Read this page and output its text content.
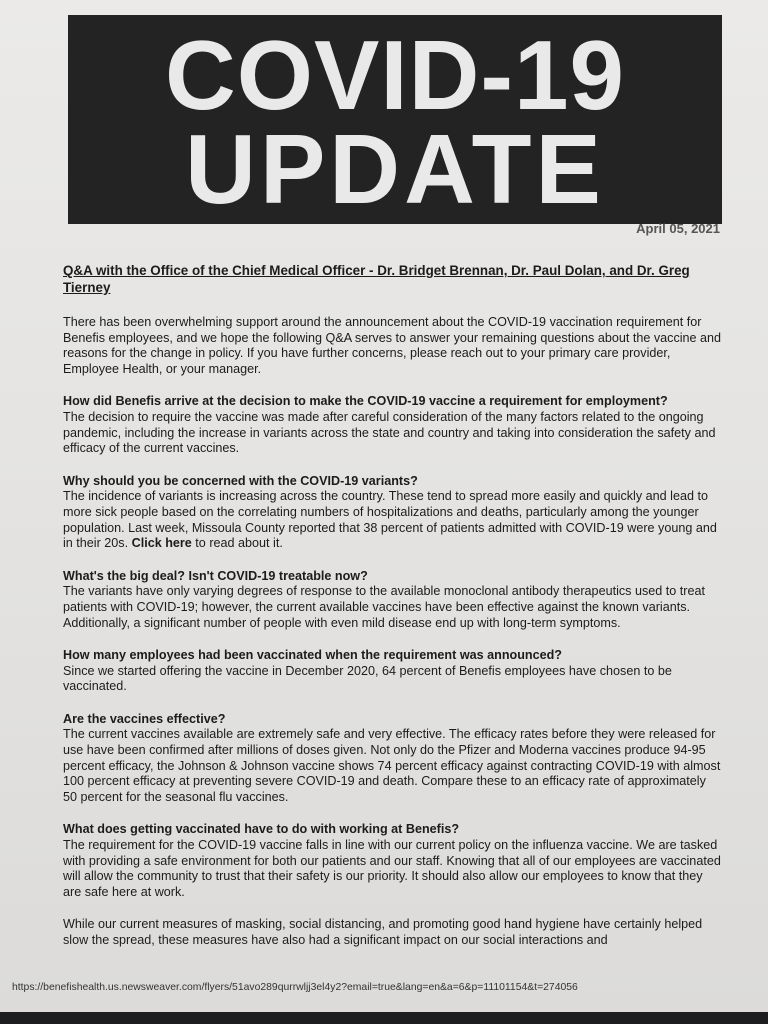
COVID-19
UPDATE
April 05, 2021
Q&A with the Office of the Chief Medical Officer - Dr. Bridget Brennan, Dr. Paul Dolan, and Dr. Greg Tierney

There has been overwhelming support around the announcement about the COVID-19 vaccination requirement for Benefis employees, and we hope the following Q&A serves to answer your remaining questions about the vaccine and reasons for the change in policy. If you have further concerns, please reach out to your primary care provider, Employee Health, or your manager.

How did Benefis arrive at the decision to make the COVID-19 vaccine a requirement for employment?

The decision to require the vaccine was made after careful consideration of the many factors related to the ongoing pandemic, including the increase in variants across the state and country and taking into consideration the safety and efficacy of the current vaccines.

Why should you be concerned with the COVID-19 variants?

The incidence of variants is increasing across the country. These tend to spread more easily and quickly and lead to more sick people based on the correlating numbers of hospitalizations and deaths, particularly among the younger population. Last week, Missoula County reported that 38 percent of patients admitted with COVID-19 were young and in their 20s. Click here to read about it.

What's the big deal? Isn't COVID-19 treatable now?

The variants have only varying degrees of response to the available monoclonal antibody therapeutics used to treat patients with COVID-19; however, the current available vaccines have been effective against the known variants. Additionally, a significant number of people with even mild disease end up with long-term symptoms.

How many employees had been vaccinated when the requirement was announced?

Since we started offering the vaccine in December 2020, 64 percent of Benefis employees have chosen to be vaccinated.

Are the vaccines effective?

The current vaccines available are extremely safe and very effective. The efficacy rates before they were released for use have been confirmed after millions of doses given. Not only do the Pfizer and Moderna vaccines produce 94-95 percent efficacy, the Johnson & Johnson vaccine shows 74 percent efficacy against contracting COVID-19 with almost 100 percent efficacy at preventing severe COVID-19 and death. Compare these to an efficacy rate of approximately 50 percent for the seasonal flu vaccines.

What does getting vaccinated have to do with working at Benefis?

The requirement for the COVID-19 vaccine falls in line with our current policy on the influenza vaccine. We are tasked with providing a safe environment for both our patients and our staff. Knowing that all of our employees are vaccinated will allow the community to trust that their safety is our priority. It should also allow our employees to know that they are safe here at work.

While our current measures of masking, social distancing, and promoting good hand hygiene have certainly helped slow the spread, these measures have also had a significant impact on our social interactions and

https://benefishealth.us.newsweaver.com/flyers/51avo289qurrwljj3el4y2?email=true&lang=en&a=6&p=11101154&t=274056
